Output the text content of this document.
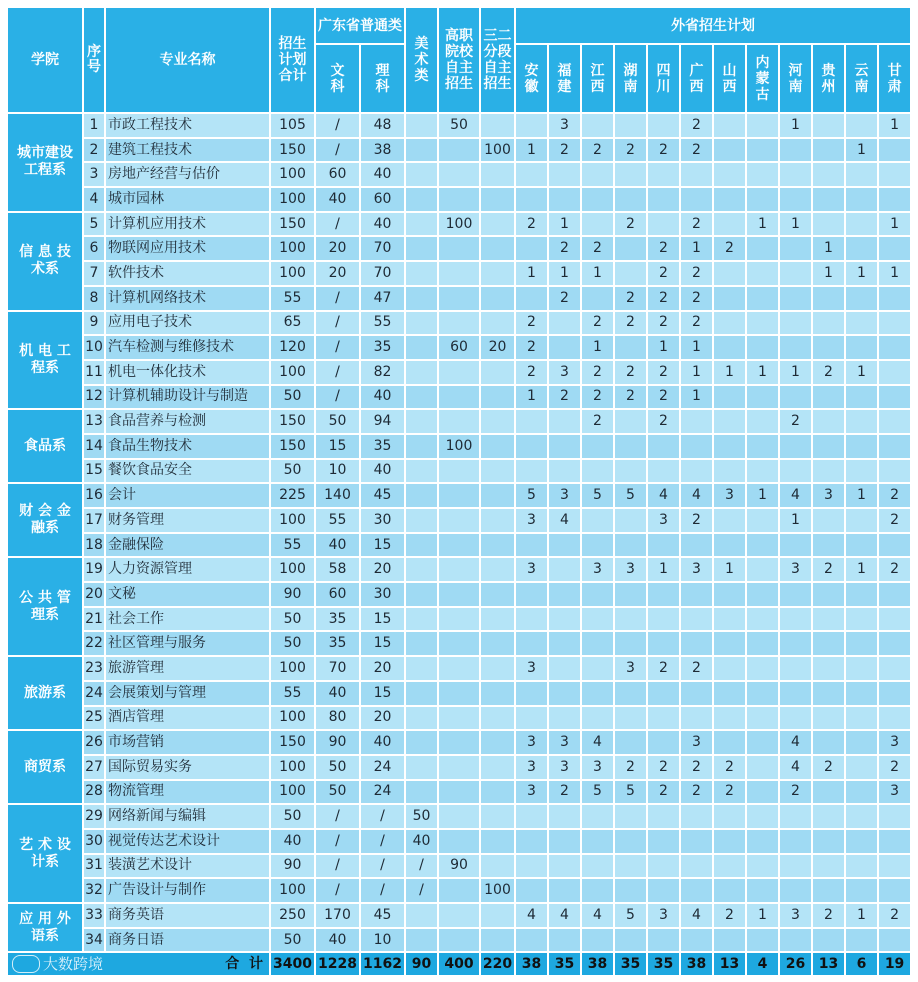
学院	序号	专业名称	招生计划合计	广东省普通类		美术类	高职院校自主招生	三二分段自主招生	外省招生计划											

				文科	理科				安徽	福建	江西	湖南	四川	广西	山西	内蒙古	河南	贵州	云南	甘肃

城市建设工程系	1	市政工程技术	105	/	48		50			3				2			1			1
	2	建筑工程技术	150	/	38			100	1	2	2	2	2	2					1	
	3	房地产经营与估价	100	60	40															
	4	城市园林	100	40	60															

信 息 技术系	5	计算机应用技术	150	/	40		100		2	1		2		2		1	1			1
	6	物联网应用技术	100	20	70					2	2		2	1	2			1		
	7	软件技术	100	20	70				1	1	1		2	2				1	1	1
	8	计算机网络技术	55	/	47					2		2	2	2						

机 电 工程系	9	应用电子技术	65	/	55				2		2	2	2	2						
	10	汽车检测与维修技术	120	/	35		60	20	2		1		1	1						
	11	机电一体化技术	100	/	82				2	3	2	2	2	1	1	1	1	2	1	
	12	计算机辅助设计与制造	50	/	40				1	2	2	2	2	1						

食品系	13	食品营养与检测	150	50	94						2		2				2			
	14	食品生物技术	150	15	35		100													
	15	餐饮食品安全	50	10	40															

财 会 金融系	16	会计	225	140	45				5	3	5	5	4	4	3	1	4	3	1	2
	17	财务管理	100	55	30				3	4			3	2			1			2
	18	金融保险	55	40	15															

公 共 管理系	19	人力资源管理	100	58	20				3		3	3	1	3	1		3	2	1	2
	20	文秘	90	60	30															
	21	社会工作	50	35	15															
	22	社区管理与服务	50	35	15															

旅游系	23	旅游管理	100	70	20				3			3	2	2						
	24	会展策划与管理	55	40	15															
	25	酒店管理	100	80	20															

商贸系	26	市场营销	150	90	40				3	3	4			3			4			3
	27	国际贸易实务	100	50	24				3	3	3	2	2	2	2		4	2		2
	28	物流管理	100	50	24				3	2	5	5	2	2	2		2			3

艺 术 设计系	29	网络新闻与编辑	50	/	/	50														
	30	视觉传达艺术设计	40	/	/	40														
	31	装潢艺术设计	90	/	/	/	90													
	32	广告设计与制作	100	/	/	/		100												

应 用 外语系	33	商务英语	250	170	45				4	4	4	5	3	4	2	1	3	2	1	2
	34	商务日语	50	40	10															

大数跨境 合  计			3400	1228	1162	90	400	220	38	35	38	35	35	38	13	4	26	13	6	19
